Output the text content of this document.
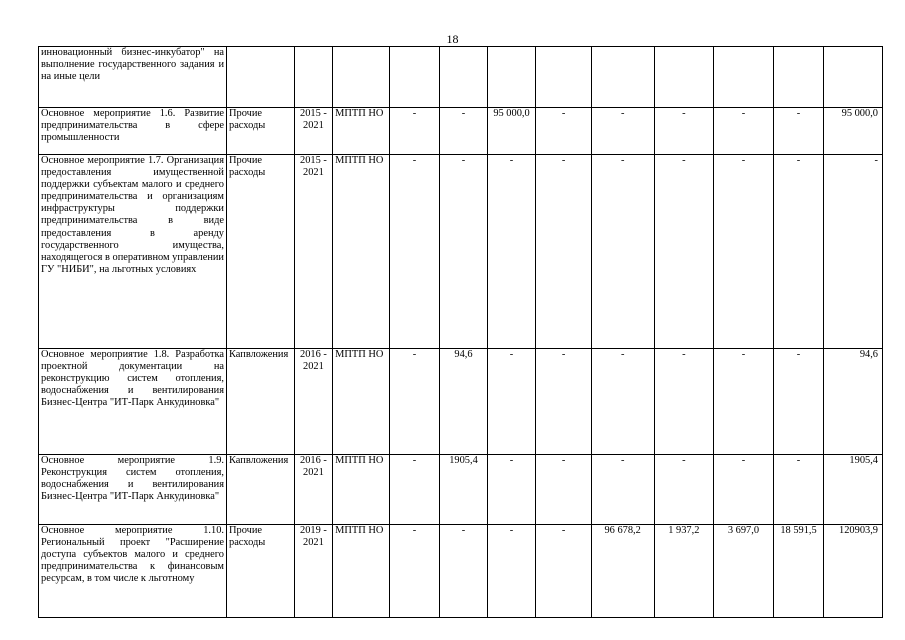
18
инновационный бизнес-инкубатор" на выполнение государственного задания и на иные цели												
Основное мероприятие 1.6. Развитие предпринимательства в сфере промышленности	Прочие расходы	2015 - 2021	МПТП НО	-	-	95 000,0	-	-	-	-	-	95 000,0
Основное мероприятие 1.7. Организация предоставления имущественной поддержки субъектам малого и среднего предпринимательства и организациям инфраструктуры поддержки предпринимательства в виде предоставления в аренду государственного имущества, находящегося в оперативном управлении ГУ "НИБИ", на льготных условиях	Прочие расходы	2015 - 2021	МПТП НО	-	-	-	-	-	-	-	-	-
Основное мероприятие 1.8. Разработка проектной документации на реконструкцию систем отопления, водоснабжения и вентилирования Бизнес-Центра "ИТ-Парк Анкудиновка"	Капвложения	2016 - 2021	МПТП НО	-	94,6	-	-	-	-	-	-	94,6
Основное мероприятие 1.9. Реконструкция систем отопления, водоснабжения и вентилирования Бизнес-Центра "ИТ-Парк Анкудиновка"	Капвложения	2016 - 2021	МПТП НО	-	1905,4	-	-	-	-	-	-	1905,4
Основное мероприятие 1.10. Региональный проект "Расширение доступа субъектов малого и среднего предпринимательства к финансовым ресурсам, в том числе к льготному	Прочие расходы	2019 - 2021	МПТП НО	-	-	-	-	96 678,2	1 937,2	3 697,0	18 591,5	120903,9
